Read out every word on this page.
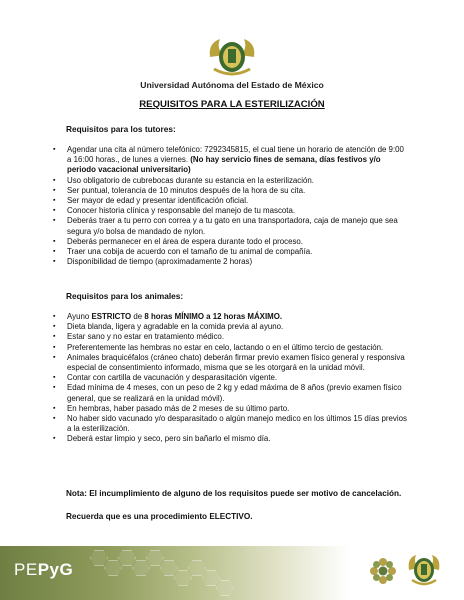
Universidad Autónoma del Estado de México
REQUISITOS PARA LA ESTERILIZACIÓN
Requisitos para los tutores:
▪ Agendar una cita al número telefónico: 7292345815, el cual tiene un horario de atención de 9:00 a 16:00 horas., de lunes a viernes. (No hay servicio fines de semana, días festivos y/o periodo vacacional universitario)
▪ Uso obligatorio de cubrebocas durante su estancia en la esterilización.
▪ Ser puntual, tolerancia de 10 minutos después de la hora de su cita.
▪ Ser mayor de edad y presentar identificación oficial.
▪ Conocer historia clínica y responsable del manejo de tu mascota.
▪ Deberás traer a tu perro con correa y a tu gato en una transportadora, caja de manejo que sea segura y/o bolsa de mandado de nylon.
▪ Deberás permanecer en el área de espera durante todo el proceso.
▪ Traer una cobija de acuerdo con el tamaño de tu animal de compañía.
▪ Disponibilidad de tiempo (aproximadamente 2 horas)
Requisitos para los animales:
▪ Ayuno ESTRICTO de 8 horas MÍNIMO a 12 horas MÁXIMO.
▪ Dieta blanda, ligera y agradable en la comida previa al ayuno.
▪ Estar sano y no estar en tratamiento médico.
▪ Preferentemente las hembras no estar en celo, lactando o en el último tercio de gestación.
▪ Animales braquicéfalos (cráneo chato) deberán firmar previo examen físico general y responsiva especial de consentimiento informado, misma que se les otorgará en la unidad móvil.
▪ Contar con cartilla de vacunación y desparasitación vigente.
▪ Edad mínima de 4 meses, con un peso de 2 kg y edad máxima de 8 años (previo examen físico general, que se realizará en la unidad móvil).
▪ En hembras, haber pasado más de 2 meses de su último parto.
▪ No haber sido vacunado y/o desparasitado o algún manejo medico en los últimos 15 días previos a la esterilización.
▪ Deberá estar limpio y seco, pero sin bañarlo el mismo día.
Nota: El incumplimiento de alguno de los requisitos puede ser motivo de cancelación.
Recuerda que es una procedimiento ELECTIVO.
PEPyG
